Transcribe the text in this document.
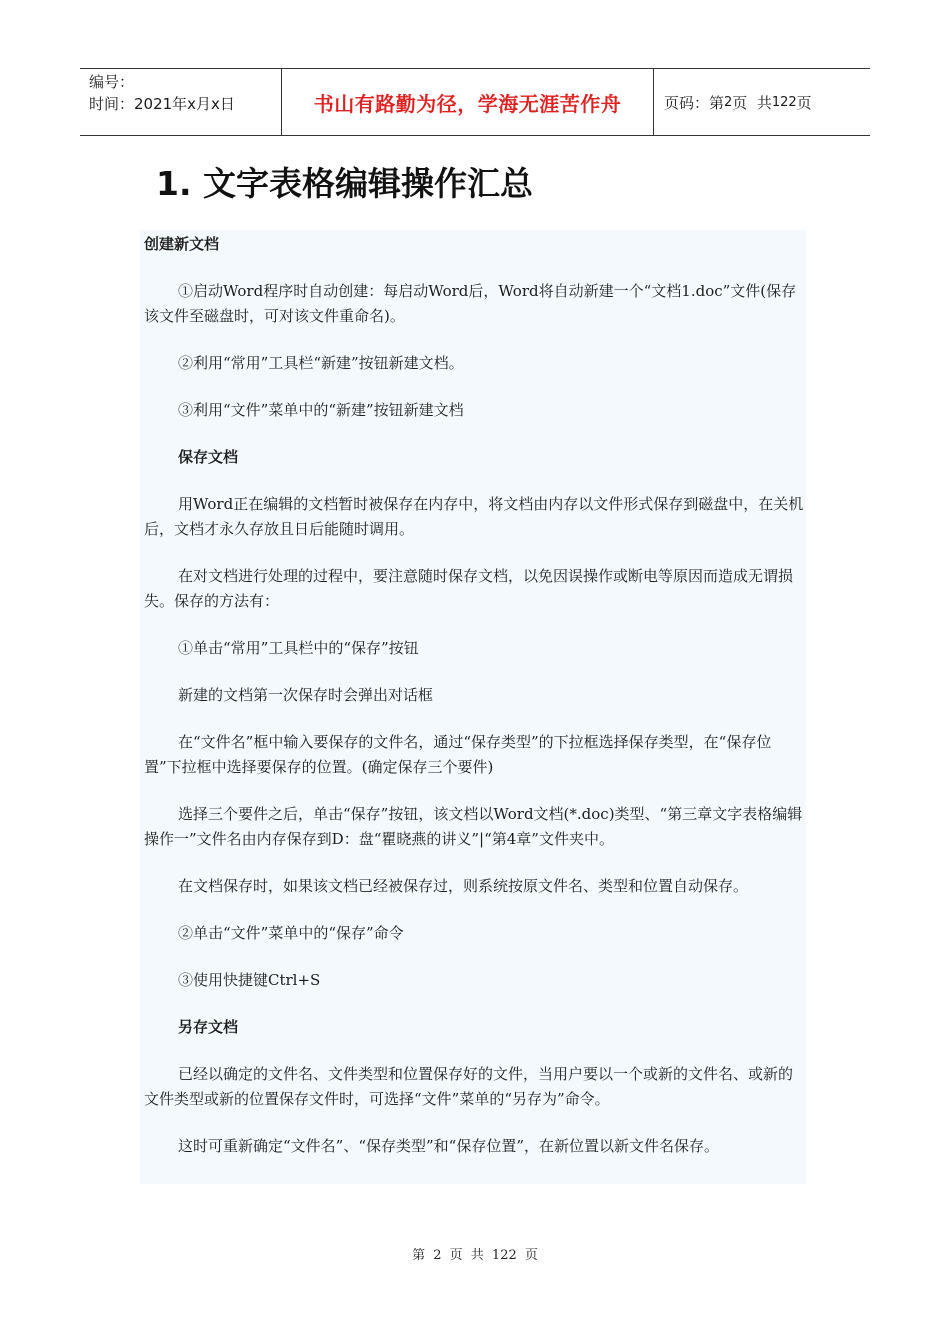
编号：
时间：2021年x月x日	书山有路勤为径，学海无涯苦作舟	页码：第 2 页  共 122 页
1. 文字表格编辑操作汇总

创建新文档

①启动Word程序时自动创建：每启动Word后，Word将自动新建一个“文档1.doc”文件(保存该文件至磁盘时，可对该文件重命名)。

②利用“常用”工具栏“新建”按钮新建文档。

③利用“文件”菜单中的“新建”按钮新建文档

保存文档

用Word正在编辑的文档暂时被保存在内存中，将文档由内存以文件形式保存到磁盘中，在关机后，文档才永久存放且日后能随时调用。

在对文档进行处理的过程中，要注意随时保存文档，以免因误操作或断电等原因而造成无谓损失。保存的方法有：

①单击“常用”工具栏中的“保存”按钮

新建的文档第一次保存时会弹出对话框

在“文件名”框中输入要保存的文件名，通过“保存类型”的下拉框选择保存类型，在“保存位置”下拉框中选择要保存的位置。(确定保存三个要件)

选择三个要件之后，单击“保存”按钮，该文档以Word文档(*.doc)类型、“第三章文字表格编辑操作一”文件名由内存保存到D：盘“瞿晓燕的讲义”|“第4章”文件夹中。

在文档保存时，如果该文档已经被保存过，则系统按原文件名、类型和位置自动保存。

②单击“文件”菜单中的“保存”命令

③使用快捷键Ctrl+S

另存文档

已经以确定的文件名、文件类型和位置保存好的文件，当用户要以一个或新的文件名、或新的文件类型或新的位置保存文件时，可选择“文件”菜单的“另存为”命令。

这时可重新确定“文件名”、“保存类型”和“保存位置”，在新位置以新文件名保存。

第 2 页 共 122 页
